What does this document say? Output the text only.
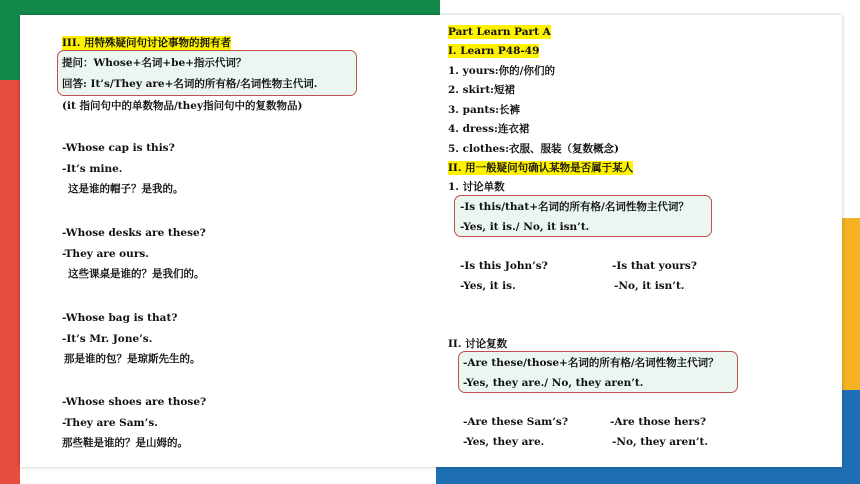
III. 用特殊疑问句讨论事物的拥有者
提问：Whose+名词+be+指示代词？
回答: It’s/They are+名词的所有格/名词性物主代词.
(it 指问句中的单数物品/they指问句中的复数物品)
-Whose cap is this?
-It’s mine.
这是谁的帽子？是我的。
-Whose desks are these?
-They are ours.
这些课桌是谁的？是我们的。
-Whose bag is that?
-It’s Mr. Jone’s.
那是谁的包？是琼斯先生的。
-Whose shoes are those?
-They are Sam’s.
那些鞋是谁的？是山姆的。
Part Learn Part A
I. Learn P48-49
1. yours:你的/你们的
2. skirt:短裙
3. pants:长裤
4. dress:连衣裙
5. clothes:衣服、服装（复数概念)
II. 用一般疑问句确认某物是否属于某人
1. 讨论单数
-Is this/that+名词的所有格/名词性物主代词？
-Yes, it is./ No, it isn’t.
-Is this John’s?
-Yes, it is.
-Is that yours?
-No, it isn’t.
II. 讨论复数
-Are these/those+名词的所有格/名词性物主代词？
-Yes, they are./ No, they aren’t.
-Are these Sam’s?
-Yes, they are.
-Are those hers?
-No, they aren’t.
